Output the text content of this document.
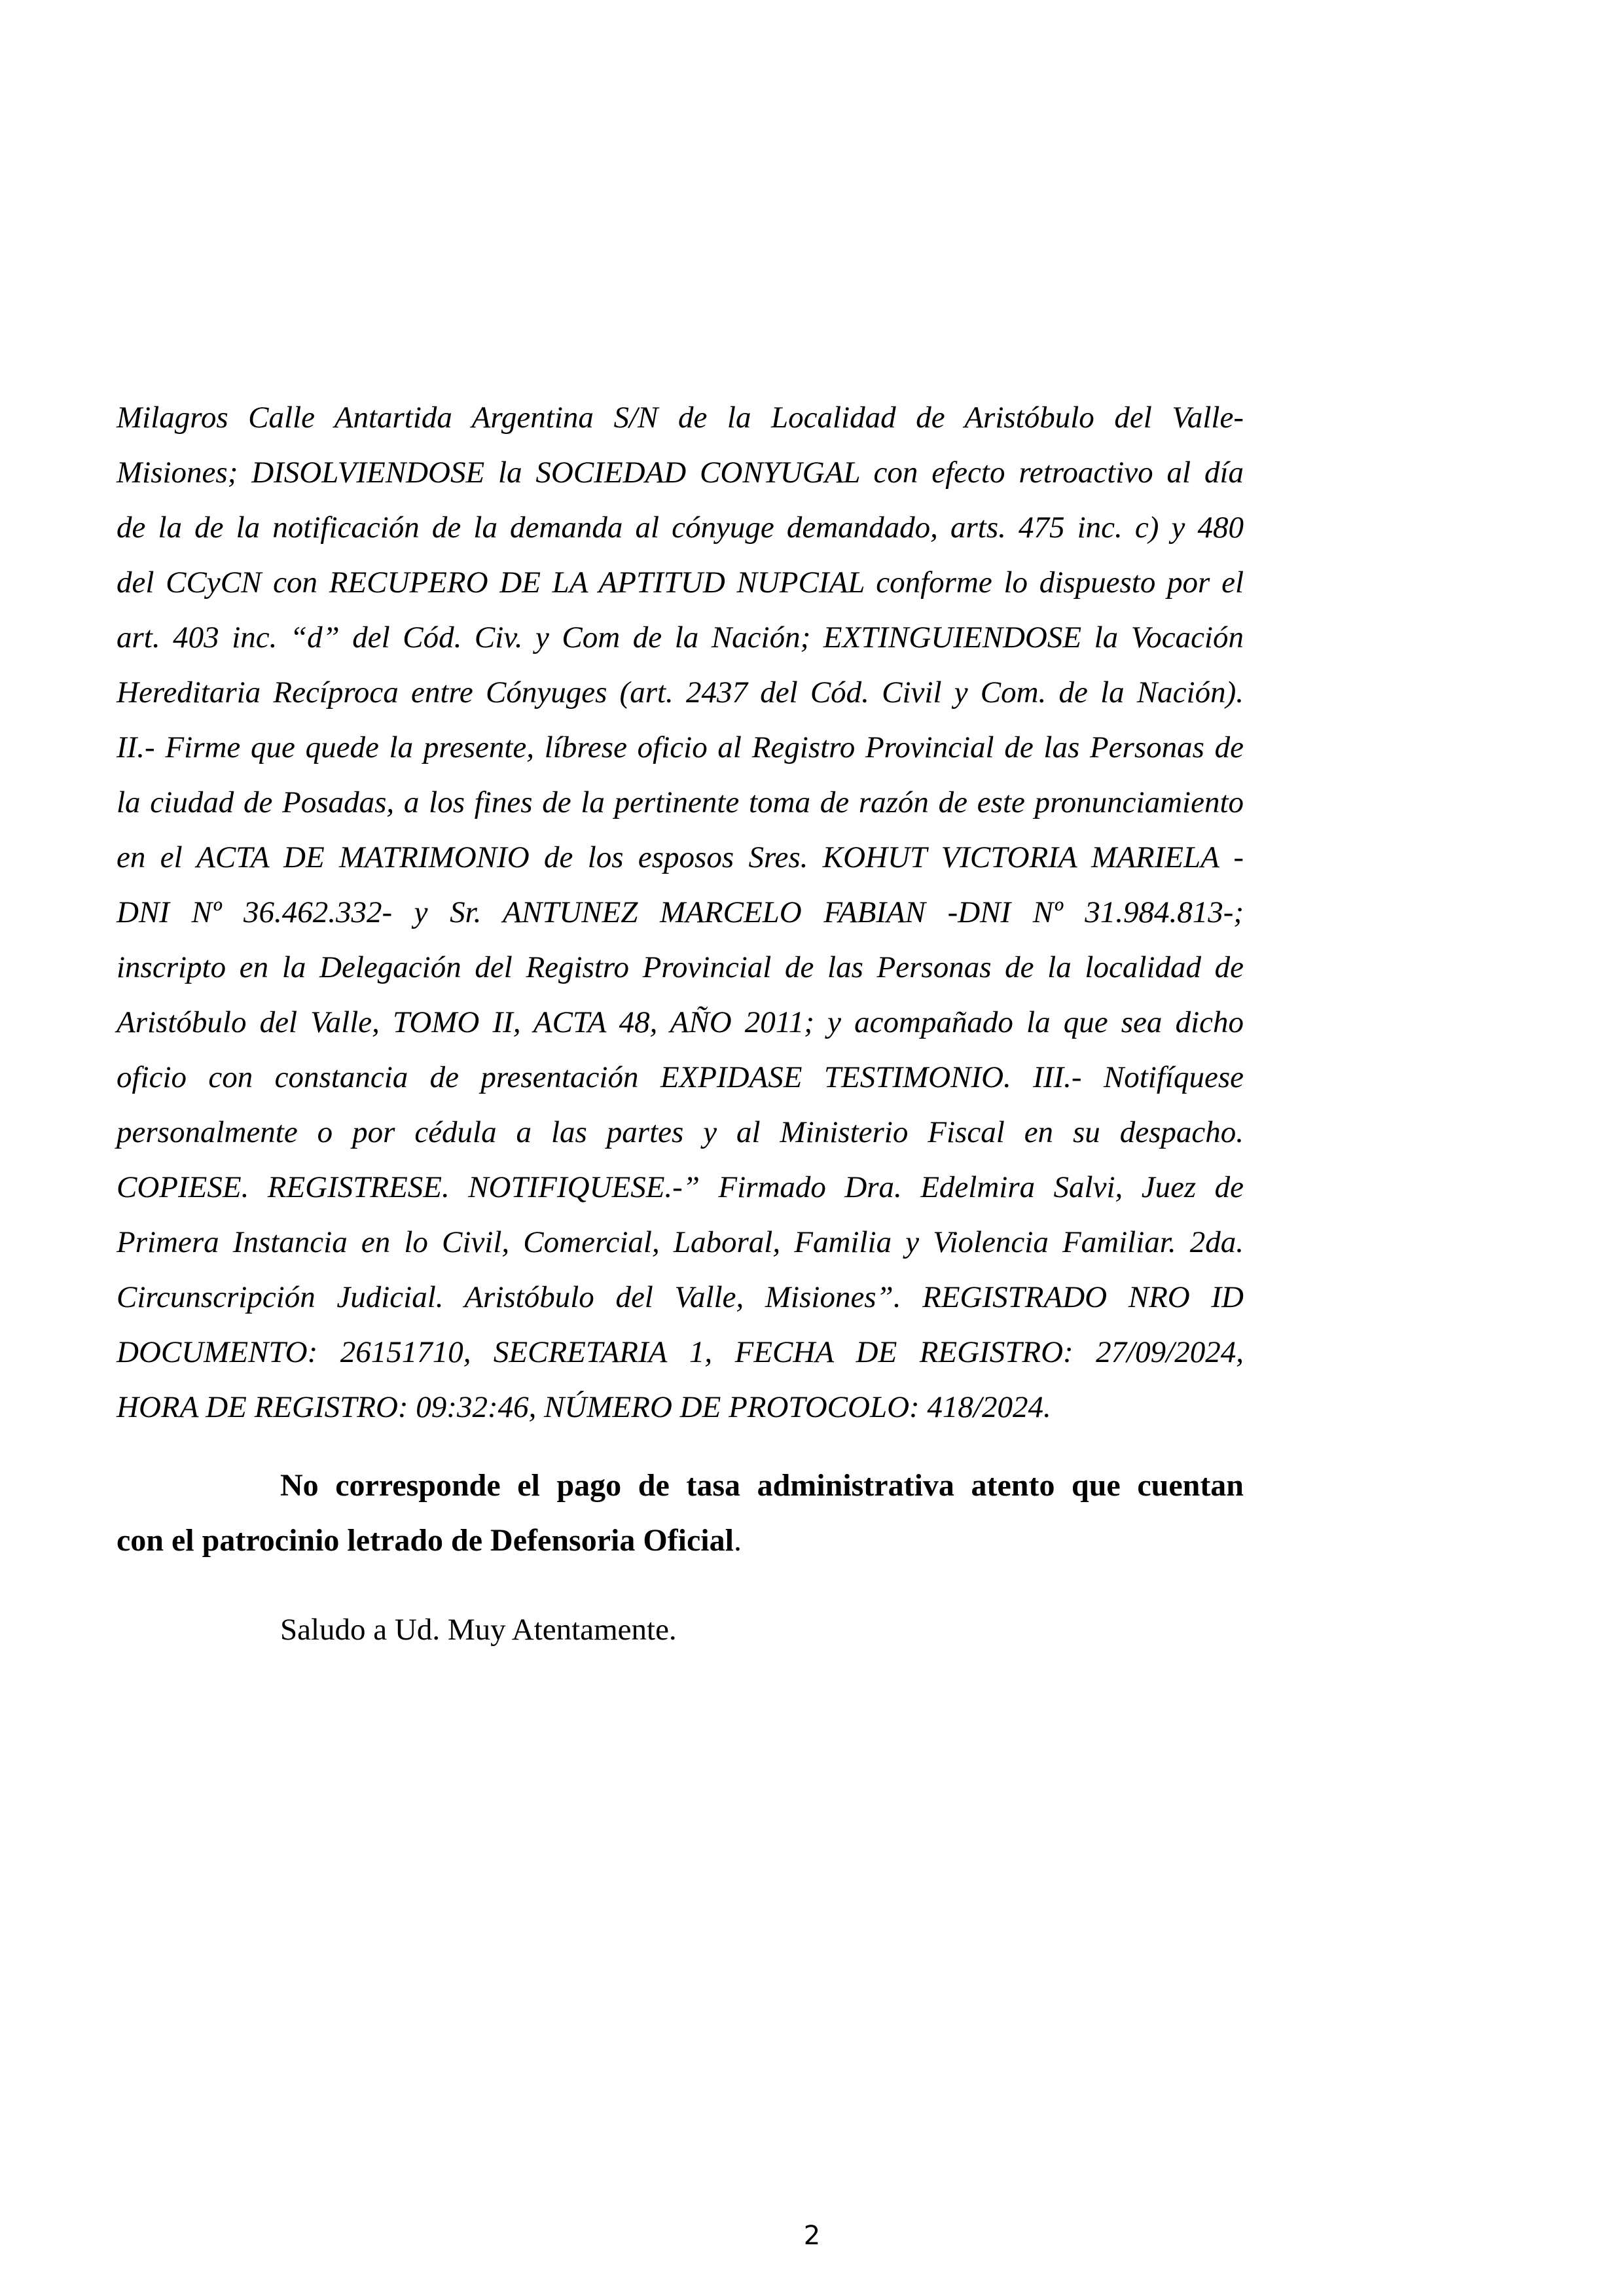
Milagros Calle Antartida Argentina S/N de la Localidad de Aristóbulo del Valle-
Misiones; DISOLVIENDOSE la SOCIEDAD CONYUGAL con efecto retroactivo al día
de la de la notificación de la demanda al cónyuge demandado, arts. 475 inc. c) y 480
del CCyCN con RECUPERO DE LA APTITUD NUPCIAL conforme lo dispuesto por el
art. 403 inc. “d” del Cód. Civ. y Com de la Nación; EXTINGUIENDOSE la Vocación
Hereditaria Recíproca entre Cónyuges (art. 2437 del Cód. Civil y Com. de la Nación).
II.- Firme que quede la presente, líbrese oficio al Registro Provincial de las Personas de
la ciudad de Posadas, a los fines de la pertinente toma de razón de este pronunciamiento
en el ACTA DE MATRIMONIO de los esposos Sres. KOHUT VICTORIA MARIELA -
DNI Nº 36.462.332- y Sr. ANTUNEZ MARCELO FABIAN -DNI Nº 31.984.813-;
inscripto en la Delegación del Registro Provincial de las Personas de la localidad de
Aristóbulo del Valle, TOMO II, ACTA 48, AÑO 2011; y acompañado la que sea dicho
oficio con constancia de presentación EXPIDASE TESTIMONIO. III.- Notifíquese
personalmente o por cédula a las partes y al Ministerio Fiscal en su despacho.
COPIESE. REGISTRESE. NOTIFIQUESE.-” Firmado Dra. Edelmira Salvi, Juez de
Primera Instancia en lo Civil, Comercial, Laboral, Familia y Violencia Familiar. 2da.
Circunscripción Judicial. Aristóbulo del Valle, Misiones”. REGISTRADO NRO ID
DOCUMENTO: 26151710, SECRETARIA 1, FECHA DE REGISTRO: 27/09/2024,
HORA DE REGISTRO: 09:32:46, NÚMERO DE PROTOCOLO: 418/2024.

No corresponde el pago de tasa administrativa atento que cuentan
con el patrocinio letrado de Defensoria Oficial.

Saludo a Ud. Muy Atentamente.

2
